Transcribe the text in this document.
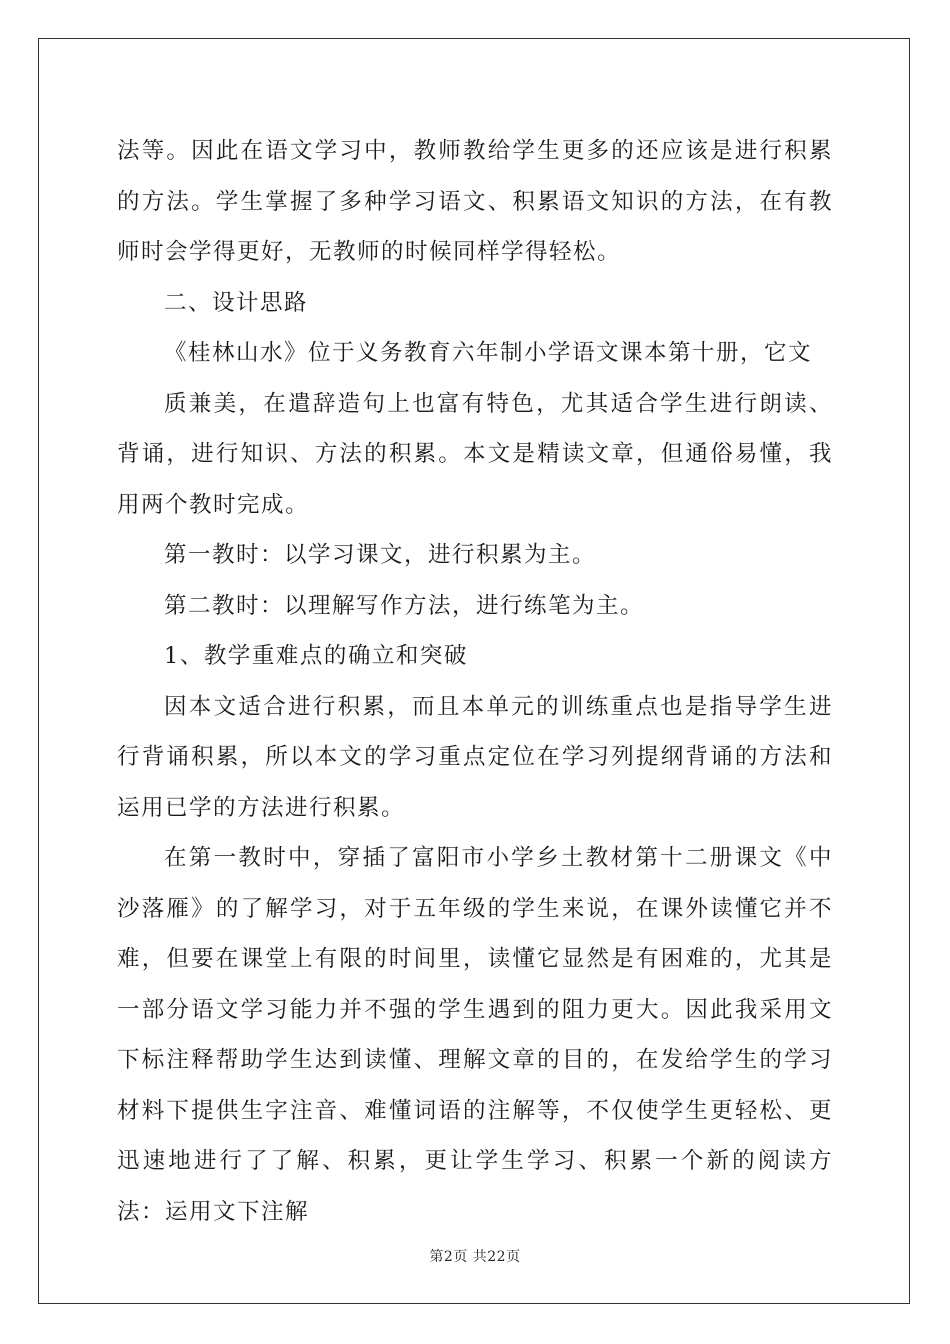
法等。因此在语文学习中，教师教给学生更多的还应该是进行积累的方法。学生掌握了多种学习语文、积累语文知识的方法，在有教师时会学得更好，无教师的时候同样学得轻松。

二、设计思路

《桂林山水》位于义务教育六年制小学语文课本第十册，它文

质兼美，在遣辞造句上也富有特色，尤其适合学生进行朗读、背诵，进行知识、方法的积累。本文是精读文章，但通俗易懂，我用两个教时完成。

第一教时：以学习课文，进行积累为主。

第二教时：以理解写作方法，进行练笔为主。

1、教学重难点的确立和突破

因本文适合进行积累，而且本单元的训练重点也是指导学生进行背诵积累，所以本文的学习重点定位在学习列提纲背诵的方法和运用已学的方法进行积累。

在第一教时中，穿插了富阳市小学乡土教材第十二册课文《中沙落雁》的了解学习，对于五年级的学生来说，在课外读懂它并不难，但要在课堂上有限的时间里，读懂它显然是有困难的，尤其是一部分语文学习能力并不强的学生遇到的阻力更大。因此我采用文下标注释帮助学生达到读懂、理解文章的目的，在发给学生的学习材料下提供生字注音、难懂词语的注解等，不仅使学生更轻松、更迅速地进行了了解、积累，更让学生学习、积累一个新的阅读方法：运用文下注解

第2页 共22页
